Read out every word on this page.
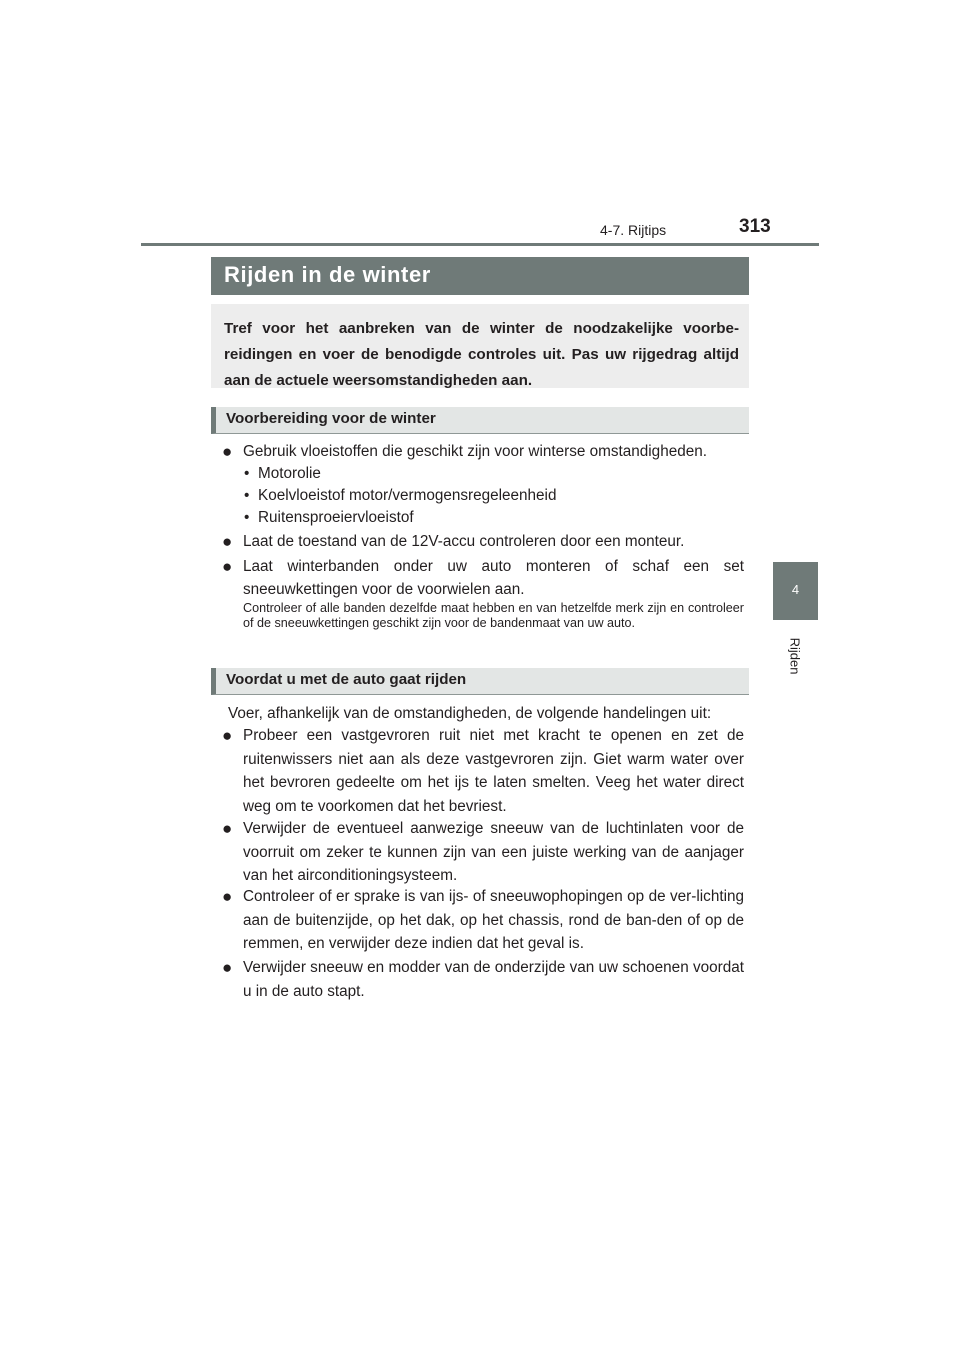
4-7. Rijtips	313
4
Rijden
Rijden in de winter

Tref voor het aanbreken van de winter de noodzakelijke voorbe-reidingen en voer de benodigde controles uit. Pas uw rijgedrag altijd aan de actuele weersomstandigheden aan.

Voorbereiding voor de winter
● Gebruik vloeistoffen die geschikt zijn voor winterse omstandigheden.
• Motorolie
• Koelvloeistof motor/vermogensregeleenheid
• Ruitensproeiervloeistof
● Laat de toestand van de 12V-accu controleren door een monteur.
● Laat winterbanden onder uw auto monteren of schaf een set sneeuwkettingen voor de voorwielen aan.
Controleer of alle banden dezelfde maat hebben en van hetzelfde merk zijn en controleer of de sneeuwkettingen geschikt zijn voor de bandenmaat van uw auto.
Voordat u met de auto gaat rijden
Voer, afhankelijk van de omstandigheden, de volgende handelingen uit:
● Probeer een vastgevroren ruit niet met kracht te openen en zet de ruitenwissers niet aan als deze vastgevroren zijn. Giet warm water over het bevroren gedeelte om het ijs te laten smelten. Veeg het water direct weg om te voorkomen dat het bevriest.
● Verwijder de eventueel aanwezige sneeuw van de luchtinlaten voor de voorruit om zeker te kunnen zijn van een juiste werking van de aanjager van het airconditioningsysteem.
● Controleer of er sprake is van ijs- of sneeuwophopingen op de ver-lichting aan de buitenzijde, op het dak, op het chassis, rond de ban-den of op de remmen, en verwijder deze indien dat het geval is.
● Verwijder sneeuw en modder van de onderzijde van uw schoenen voordat u in de auto stapt.
